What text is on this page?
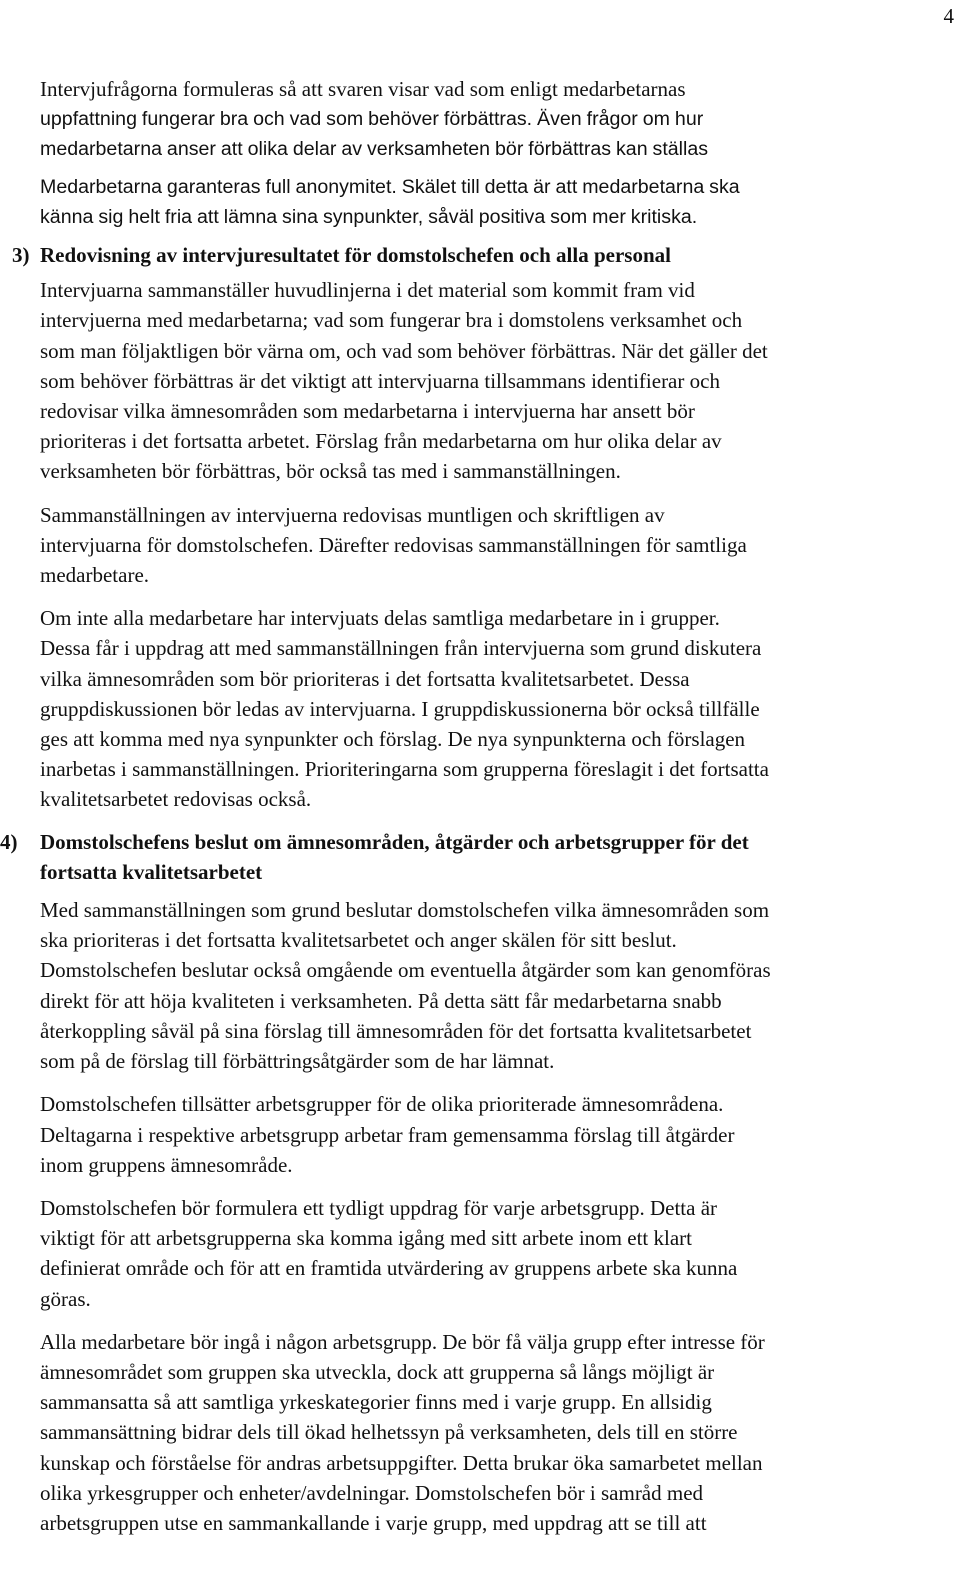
4

Intervjufrågorna formuleras så att svaren visar vad som enligt medarbetarnas
uppfattning fungerar bra och vad som behöver förbättras. Även frågor om hur
medarbetarna anser att olika delar av verksamheten bör förbättras kan ställas

Medarbetarna garanteras full anonymitet. Skälet till detta är att medarbetarna ska
känna sig helt fria att lämna sina synpunkter, såväl positiva som mer kritiska.

3) Redovisning av intervjuresultatet för domstolschefen och alla personal

Intervjuarna sammanställer huvudlinjerna i det material som kommit fram vid
intervjuerna med medarbetarna; vad som fungerar bra i domstolens verksamhet och
som man följaktligen bör värna om, och vad som behöver förbättras. När det gäller det
som behöver förbättras är det viktigt att intervjuarna tillsammans identifierar och
redovisar vilka ämnesområden som medarbetarna i intervjuerna har ansett bör
prioriteras i det fortsatta arbetet. Förslag från medarbetarna om hur olika delar av
verksamheten bör förbättras, bör också tas med i sammanställningen.

Sammanställningen av intervjuerna redovisas muntligen och skriftligen av
intervjuarna för domstolschefen. Därefter redovisas sammanställningen för samtliga
medarbetare.

Om inte alla medarbetare har intervjuats delas samtliga medarbetare in i grupper.
Dessa får i uppdrag att med sammanställningen från intervjuerna som grund diskutera
vilka ämnesområden som bör prioriteras i det fortsatta kvalitetsarbetet. Dessa
gruppdiskussionen bör ledas av intervjuarna. I gruppdiskussionerna bör också tillfälle
ges att komma med nya synpunkter och förslag. De nya synpunkterna och förslagen
inarbetas i sammanställningen. Prioriteringarna som grupperna föreslagit i det fortsatta
kvalitetsarbetet redovisas också.

4)	Domstolschefens beslut om ämnesområden, åtgärder och arbetsgrupper för det
fortsatta kvalitetsarbetet

Med sammanställningen som grund beslutar domstolschefen vilka ämnesområden som
ska prioriteras i det fortsatta kvalitetsarbetet och anger skälen för sitt beslut.
Domstolschefen beslutar också omgående om eventuella åtgärder som kan genomföras
direkt för att höja kvaliteten i verksamheten. På detta sätt får medarbetarna snabb
återkoppling såväl på sina förslag till ämnesområden för det fortsatta kvalitetsarbetet
som på de förslag till förbättringsåtgärder som de har lämnat.

Domstolschefen tillsätter arbetsgrupper för de olika prioriterade ämnesområdena.
Deltagarna i respektive arbetsgrupp arbetar fram gemensamma förslag till åtgärder
inom gruppens ämnesområde.

Domstolschefen bör formulera ett tydligt uppdrag för varje arbetsgrupp. Detta är
viktigt för att arbetsgrupperna ska komma igång med sitt arbete inom ett klart
definierat område och för att en framtida utvärdering av gruppens arbete ska kunna
göras.

Alla medarbetare bör ingå i någon arbetsgrupp. De bör få välja grupp efter intresse för
ämnesområdet som gruppen ska utveckla, dock att grupperna så långs möjligt är
sammansatta så att samtliga yrkeskategorier finns med i varje grupp. En allsidig
sammansättning bidrar dels till ökad helhetssyn på verksamheten, dels till en större
kunskap och förståelse för andras arbetsuppgifter. Detta brukar öka samarbetet mellan
olika yrkesgrupper och enheter/avdelningar. Domstolschefen bör i samråd med
arbetsgruppen utse en sammankallande i varje grupp, med uppdrag att se till att
